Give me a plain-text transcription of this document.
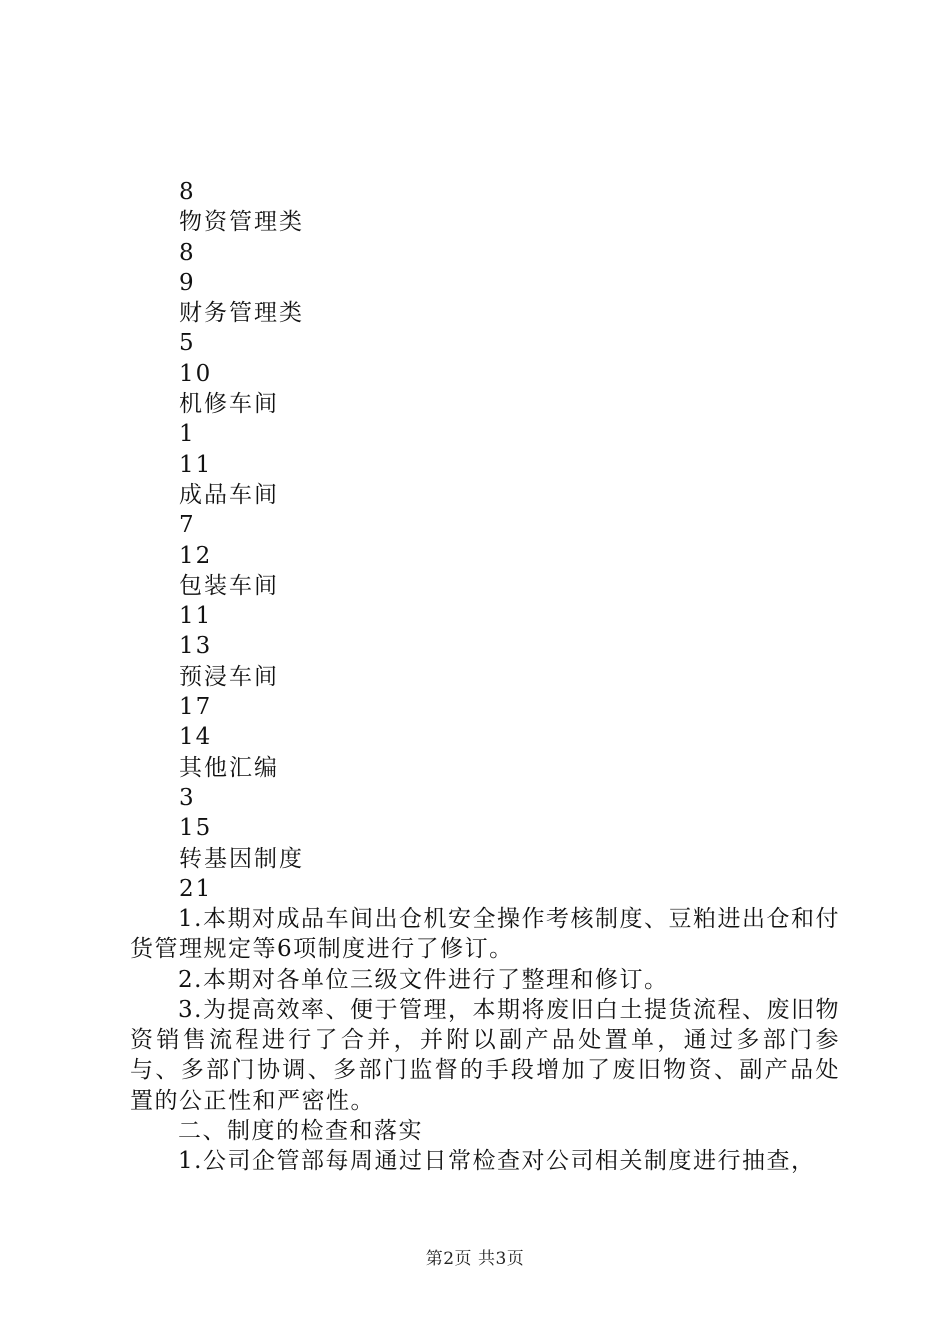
8
物资管理类
8
9
财务管理类
5
10
机修车间
1
11
成品车间
7
12
包装车间
11
13
预浸车间
17
14
其他汇编
3
15
转基因制度
21

1.本期对成品车间出仓机安全操作考核制度、豆粕进出仓和付货管理规定等6项制度进行了修订。

2.本期对各单位三级文件进行了整理和修订。

3.为提高效率、便于管理，本期将废旧白土提货流程、废旧物资销售流程进行了合并，并附以副产品处置单，通过多部门参与、多部门协调、多部门监督的手段增加了废旧物资、副产品处置的公正性和严密性。

二、制度的检查和落实

1.公司企管部每周通过日常检查对公司相关制度进行抽查，

第2页 共3页
